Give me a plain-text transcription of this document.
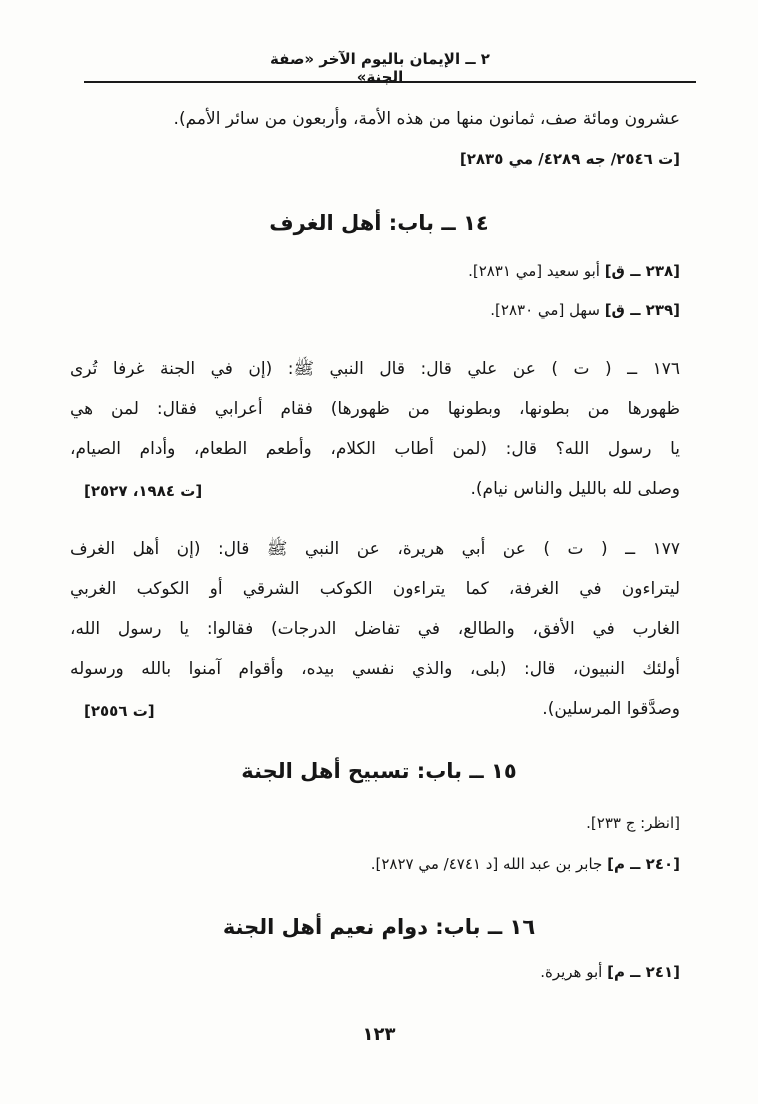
٢ ــ الإيمان باليوم الآخر «صفة الجنة»
عشرون ومائة صف، ثمانون منها من هذه الأمة، وأربعون من سائر الأمم).
[ت ٢٥٤٦/ جه ٤٢٨٩/ مي ٢٨٣٥]
١٤ ــ باب: أهل الغرف
[٢٣٨ ــ ق] أبو سعيد [مي ٢٨٣١].
[٢٣٩ ــ ق] سهل [مي ٢٨٣٠].
١٧٦ ــ ( ت ) عن علي قال: قال النبي ﷺ: (إن في الجنة غرفا تُرى
ظهورها من بطونها، وبطونها من ظهورها) فقام أعرابي فقال: لمن هي
يا رسول الله؟ قال: (لمن أطاب الكلام، وأطعم الطعام، وأدام الصيام،
وصلى لله بالليل والناس نيام).
[ت ١٩٨٤، ٢٥٢٧]
١٧٧ ــ ( ت ) عن أبي هريرة، عن النبي ﷺ قال: (إن أهل الغرف
ليتراءون في الغرفة، كما يتراءون الكوكب الشرقي أو الكوكب الغربي
الغارب في الأفق، والطالع، في تفاضل الدرجات) فقالوا: يا رسول الله،
أولئك النبيون، قال: (بلى، والذي نفسي بيده، وأقوام آمنوا بالله ورسوله
وصدَّقوا المرسلين).
[ت ٢٥٥٦]
١٥ ــ باب: تسبيح أهل الجنة
[انظر: ج ٢٣٣].
[٢٤٠ ــ م] جابر بن عبد الله [د ٤٧٤١/ مي ٢٨٢٧].
١٦ ــ باب: دوام نعيم أهل الجنة
[٢٤١ ــ م] أبو هريرة.
١٢٣
